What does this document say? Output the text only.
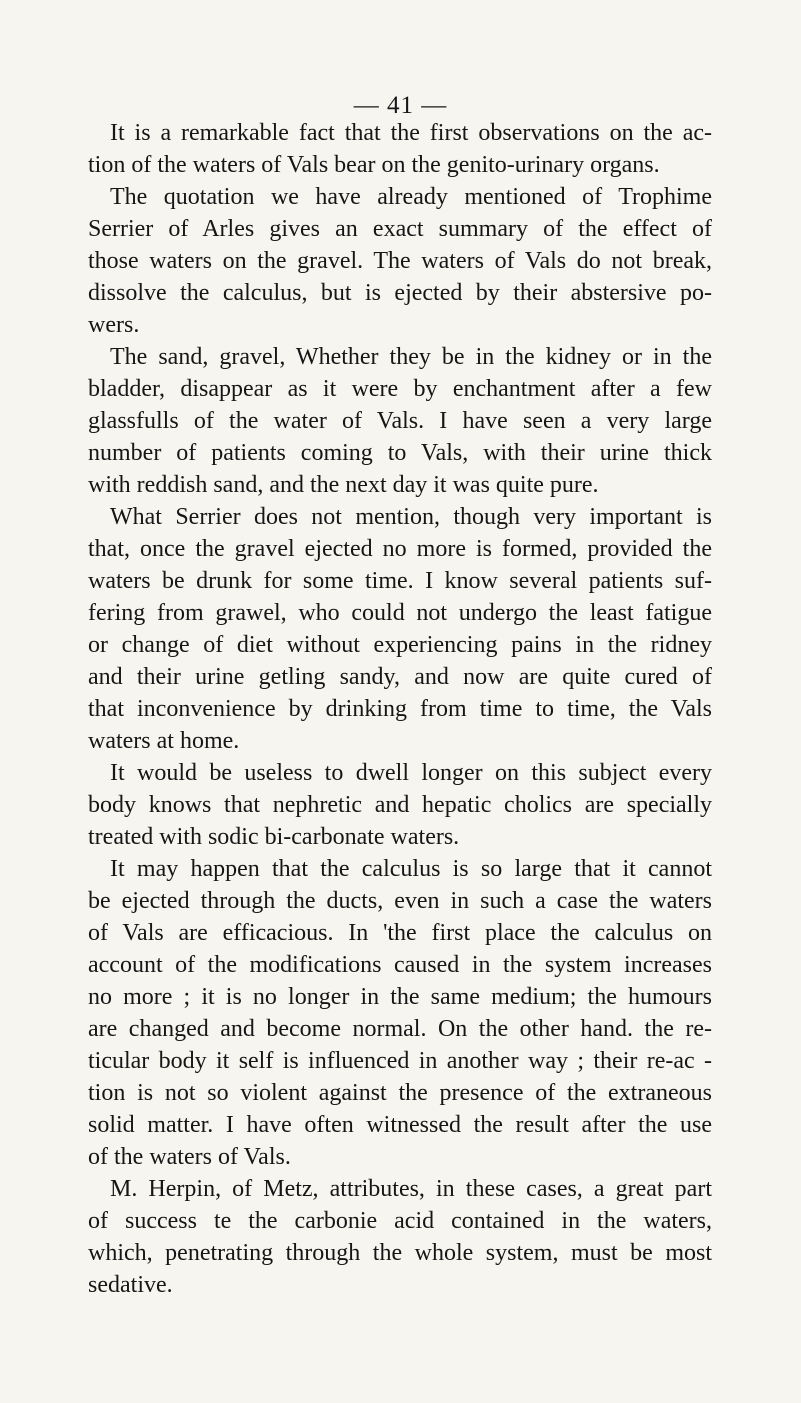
— 41 —

It is a remarkable fact that the first observations on the ac-
tion of the waters of Vals bear on the genito-urinary organs.

The quotation we have already mentioned of Trophime
Serrier of Arles gives an exact summary of the effect of
those waters on the gravel. The waters of Vals do not break,
dissolve the calculus, but is ejected by their abstersive po-
wers.

The sand, gravel, Whether they be in the kidney or in the
bladder, disappear as it were by enchantment after a few
glassfulls of the water of Vals. I have seen a very large
number of patients coming to Vals, with their urine thick
with reddish sand, and the next day it was quite pure.

What Serrier does not mention, though very important is
that, once the gravel ejected no more is formed, provided the
waters be drunk for some time. I know several patients suf-
fering from grawel, who could not undergo the least fatigue
or change of diet without experiencing pains in the ridney
and their urine getling sandy, and now are quite cured of
that inconvenience by drinking from time to time, the Vals
waters at home.

It would be useless to dwell longer on this subject every
body knows that nephretic and hepatic cholics are specially
treated with sodic bi-carbonate waters.

It may happen that the calculus is so large that it cannot
be ejected through the ducts, even in such a case the waters
of Vals are efficacious. In 'the first place the calculus on
account of the modifications caused in the system increases
no more ; it is no longer in the same medium; the humours
are changed and become normal. On the other hand. the re-
ticular body it self is influenced in another way ; their re-ac -
tion is not so violent against the presence of the extraneous
solid matter. I have often witnessed the result after the use
of the waters of Vals.

M. Herpin, of Metz, attributes, in these cases, a great part
of success te the carbonie acid contained in the waters,
which, penetrating through the whole system, must be most
sedative.
